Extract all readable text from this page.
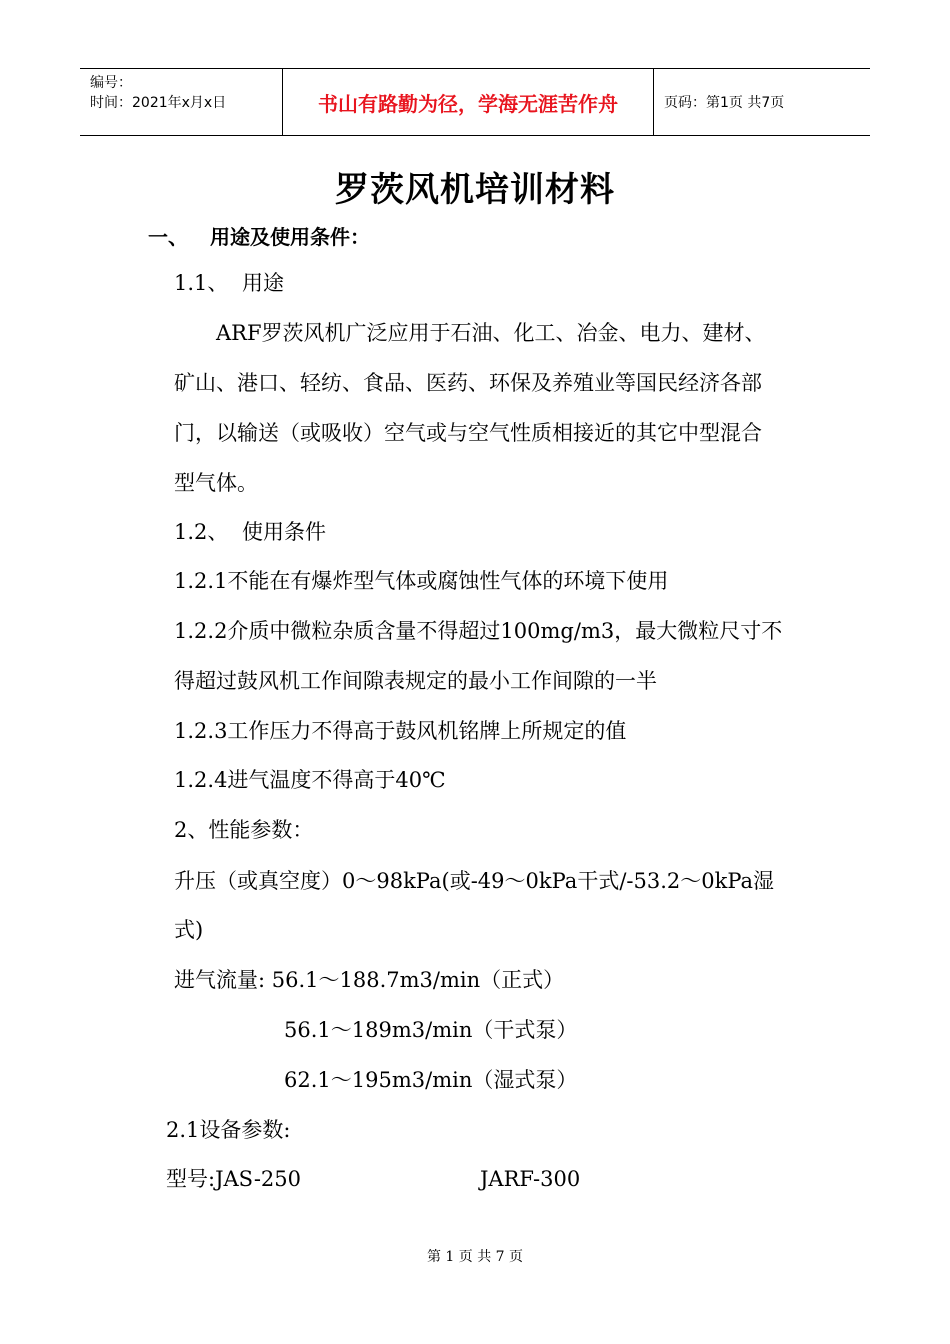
编号：
时间：2021年x月x日	书山有路勤为径，学海无涯苦作舟	页码：第1页 共7页
罗茨风机培训材料
一、 用途及使用条件：
1.1、 用途
ARF罗茨风机广泛应用于石油、化工、冶金、电力、建材、
矿山、港口、轻纺、食品、医药、环保及养殖业等国民经济各部
门，以输送（或吸收）空气或与空气性质相接近的其它中型混合
型气体。
1.2、 使用条件
1.2.1不能在有爆炸型气体或腐蚀性气体的环境下使用
1.2.2介质中微粒杂质含量不得超过100mg/m3，最大微粒尺寸不
得超过鼓风机工作间隙表规定的最小工作间隙的一半
1.2.3工作压力不得高于鼓风机铭牌上所规定的值
1.2.4进气温度不得高于40℃
2、性能参数：
升压（或真空度）0～98kPa(或-49～0kPa干式/-53.2～0kPa湿
式)
进气流量: 56.1～188.7m3/min（正式）
56.1～189m3/min（干式泵）
62.1～195m3/min（湿式泵）
2.1设备参数:
型号:JAS-250	JARF-300
第 1 页 共 7 页
